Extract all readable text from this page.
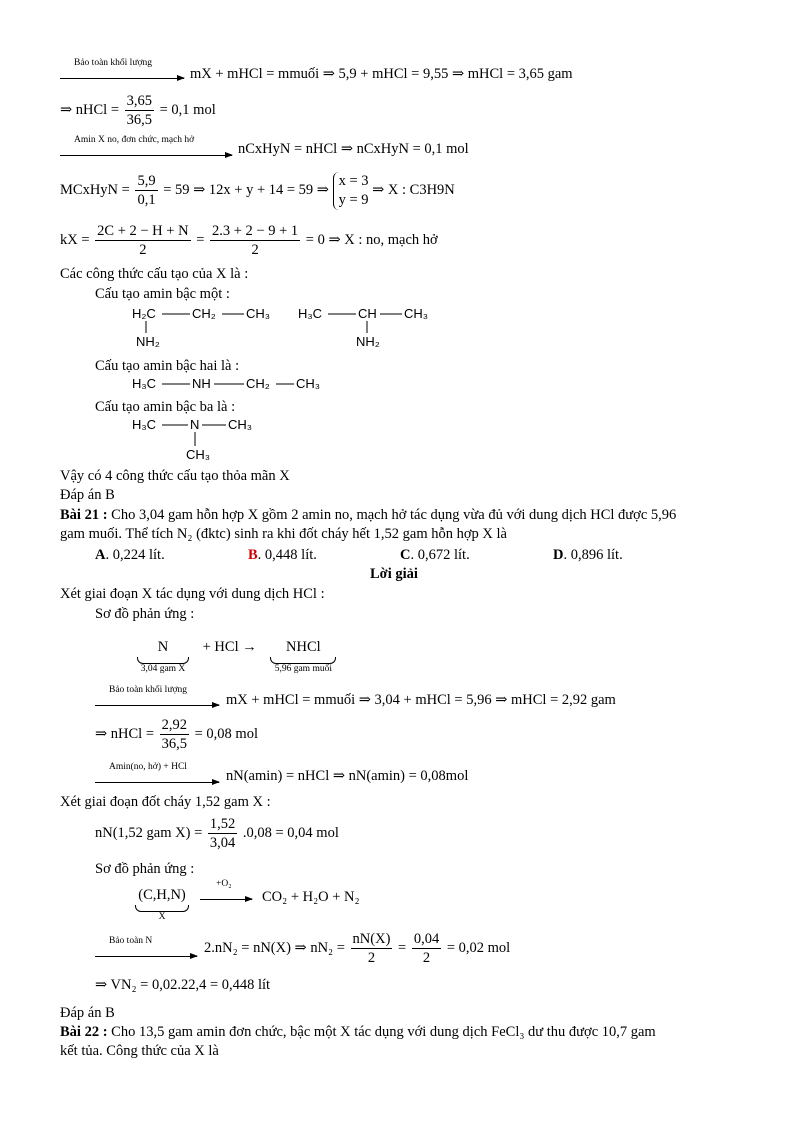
Bảo toàn khối lượng
mX + mHCl = mmuối ⇒ 5,9 + mHCl = 9,55 ⇒ mHCl = 3,65 gam
⇒ nHCl = $\frac{3,65}{36,5} = 0,1$ mol
Amin X no, đơn chức, mạch hở
nCxHyN = nHCl ⇒ nCxHyN = 0,1 mol
MCxHyN = $\frac{5,9}{0,1} = 59$ ⇒ 12x + y + 14 = 59 ⇒ x = 3
y = 9 ⇒ X : C3H9N
kX = $\frac{2C + 2 - H + N}{2} = \frac{2.3 + 2 - 9 + 1}{2} = 0$ ⇒ X : no, mạch hở
Các công thức cấu tạo của X là :
Cấu tạo amin bậc một :
H₂C	CH₂ CH₃
NH₂
H₃C	CH CH₃
NH₂
Cấu tạo amin bậc hai là :
H₃C	NH	CH₂ CH₃
Cấu tạo amin bậc ba là :
H₃C	N CH₃
CH₃
Vậy có 4 công thức cấu tạo thỏa mãn X
Đáp án B
Bài 21 : Cho 3,04 gam hỗn hợp X gồm 2 amin no, mạch hở tác dụng vừa đủ với dung dịch HCl được 5,96
gam muối. Thể tích N₂ (đktc) sinh ra khi đốt cháy hết 1,52 gam hỗn hợp X là
A. 0,224 lít.	B. 0,448 lít.	C. 0,672 lít.	D. 0,896 lít.
Lời giải
Xét giai đoạn X tác dụng với dung dịch HCl :
Sơ đồ phản ứng :
N
3,04 gam X
+ HCl → NHCl
5,96 gam muối
Bảo toàn khối lượng
mX + mHCl = mmuối ⇒ 3,04 + mHCl = 5,96 ⇒ mHCl = 2,92 gam
⇒ nHCl = $\frac{2,92}{36,5} = 0,08$ mol
Amin(no, hở) + HCl
nN(amin) = nHCl ⇒ nN(amin) = 0,08mol
Xét giai đoạn đốt cháy 1,52 gam X :
nN(1,52 gam $X) = \frac{1,52}{3,04} .0,08 = 0,04$ mol
Sơ đồ phản ứng :
(C,H,N)
X
+O₂
CO₂ + H₂O + N₂
Bảo toàn N	2.nN₂ = nN(X) ⇒ $nN_2 = \frac{nN(X)}{2} = \frac{0,04}{2} = 0,02$ mol
⇒ VN₂ = 0,02.22,4 = 0,448 lít
Đáp án B
Bài 22 : Cho 13,5 gam amin đơn chức, bậc một X tác dụng với dung dịch FeCl₃ dư thu được 10,7 gam
kết tủa. Công thức của X là
